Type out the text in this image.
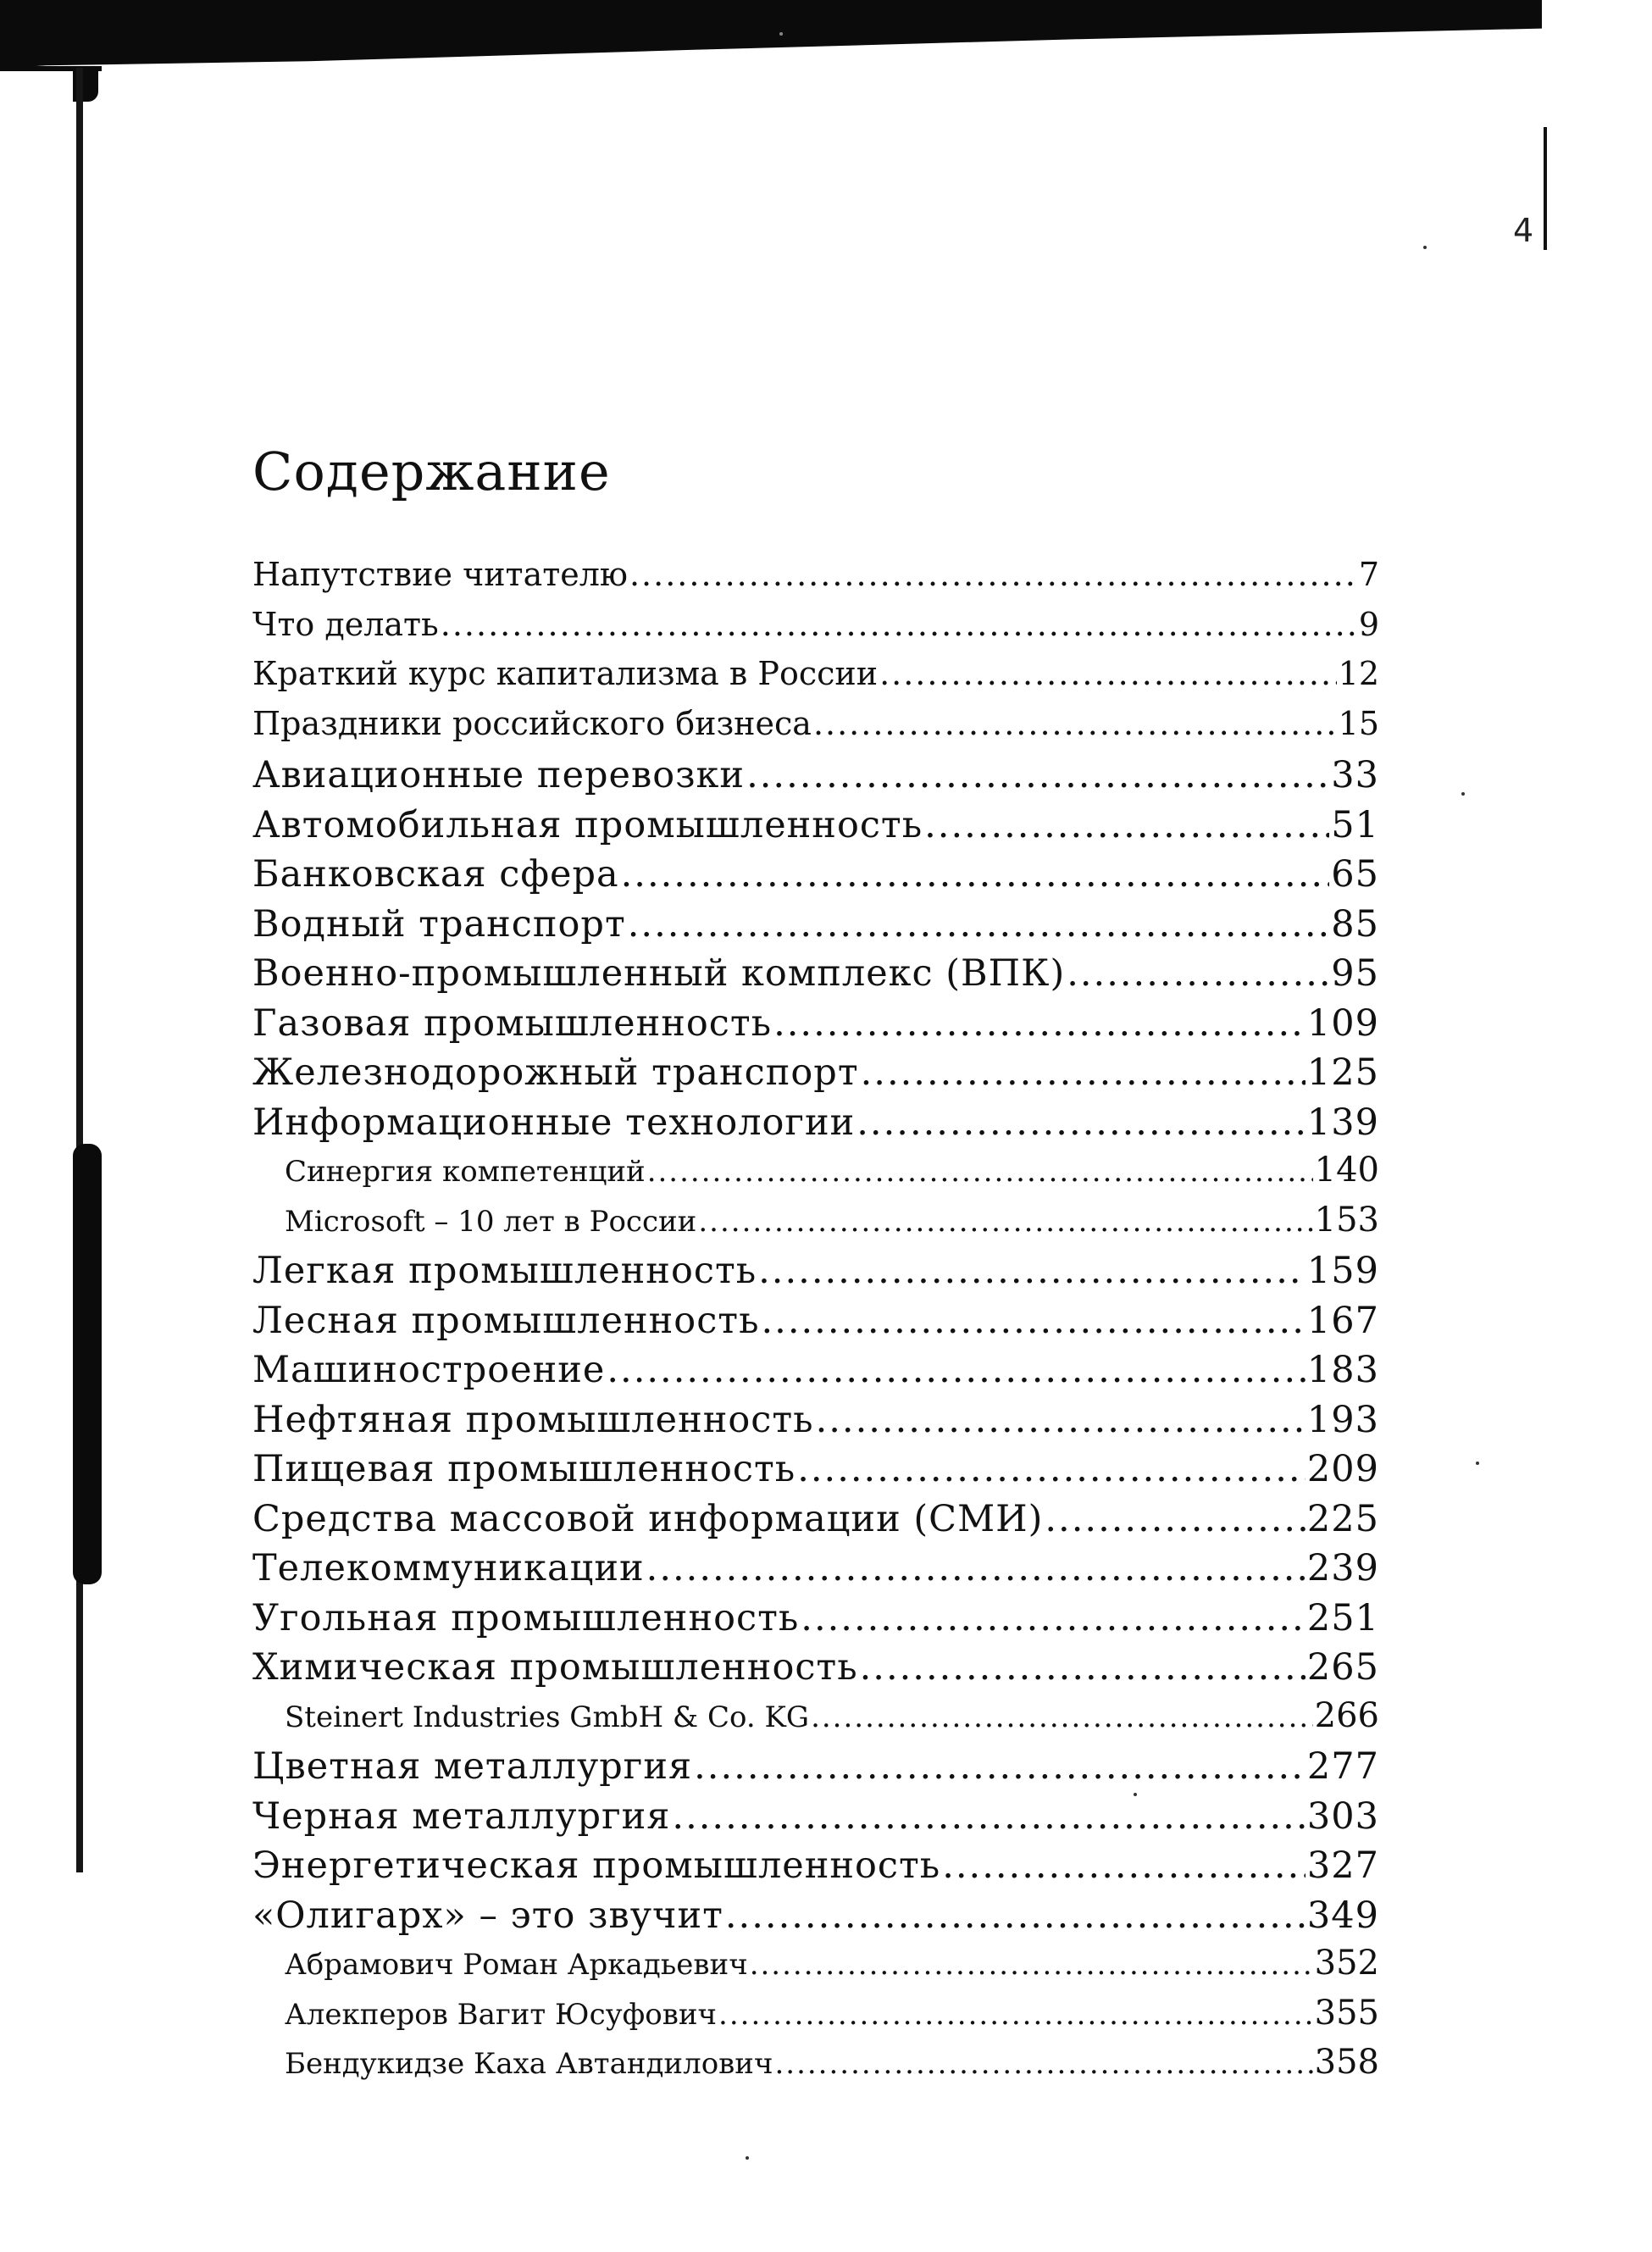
4
Содержание
Напутствие читателю .....	7
Что делать .....	9
Краткий курс капитализма в России .....	12
Праздники российского бизнеса .....	15
Авиационные перевозки .....	33
Автомобильная промышленность .....	51
Банковская сфера .....	65
Водный транспорт .....	85
Военно-промышленный комплекс (ВПК) .....	95
Газовая промышленность .....	109
Железнодорожный транспорт .....	125
Информационные технологии .....	139
Синергия компетенций .....	140
Microsoft – 10 лет в России .....	153
Легкая промышленность .....	159
Лесная промышленность .....	167
Машиностроение .....	183
Нефтяная промышленность .....	193
Пищевая промышленность .....	209
Средства массовой информации (СМИ) .....	225
Телекоммуникации .....	239
Угольная промышленность .....	251
Химическая промышленность .....	265
Steinert Industries GmbH & Co. KG .....	266
Цветная металлургия .....	277
Черная металлургия .....	303
Энергетическая промышленность .....	327
«Олигарх» – это звучит .....	349
Абрамович Роман Аркадьевич .....	352
Алекперов Вагит Юсуфович .....	355
Бендукидзе Каха Автандилович .....	358
